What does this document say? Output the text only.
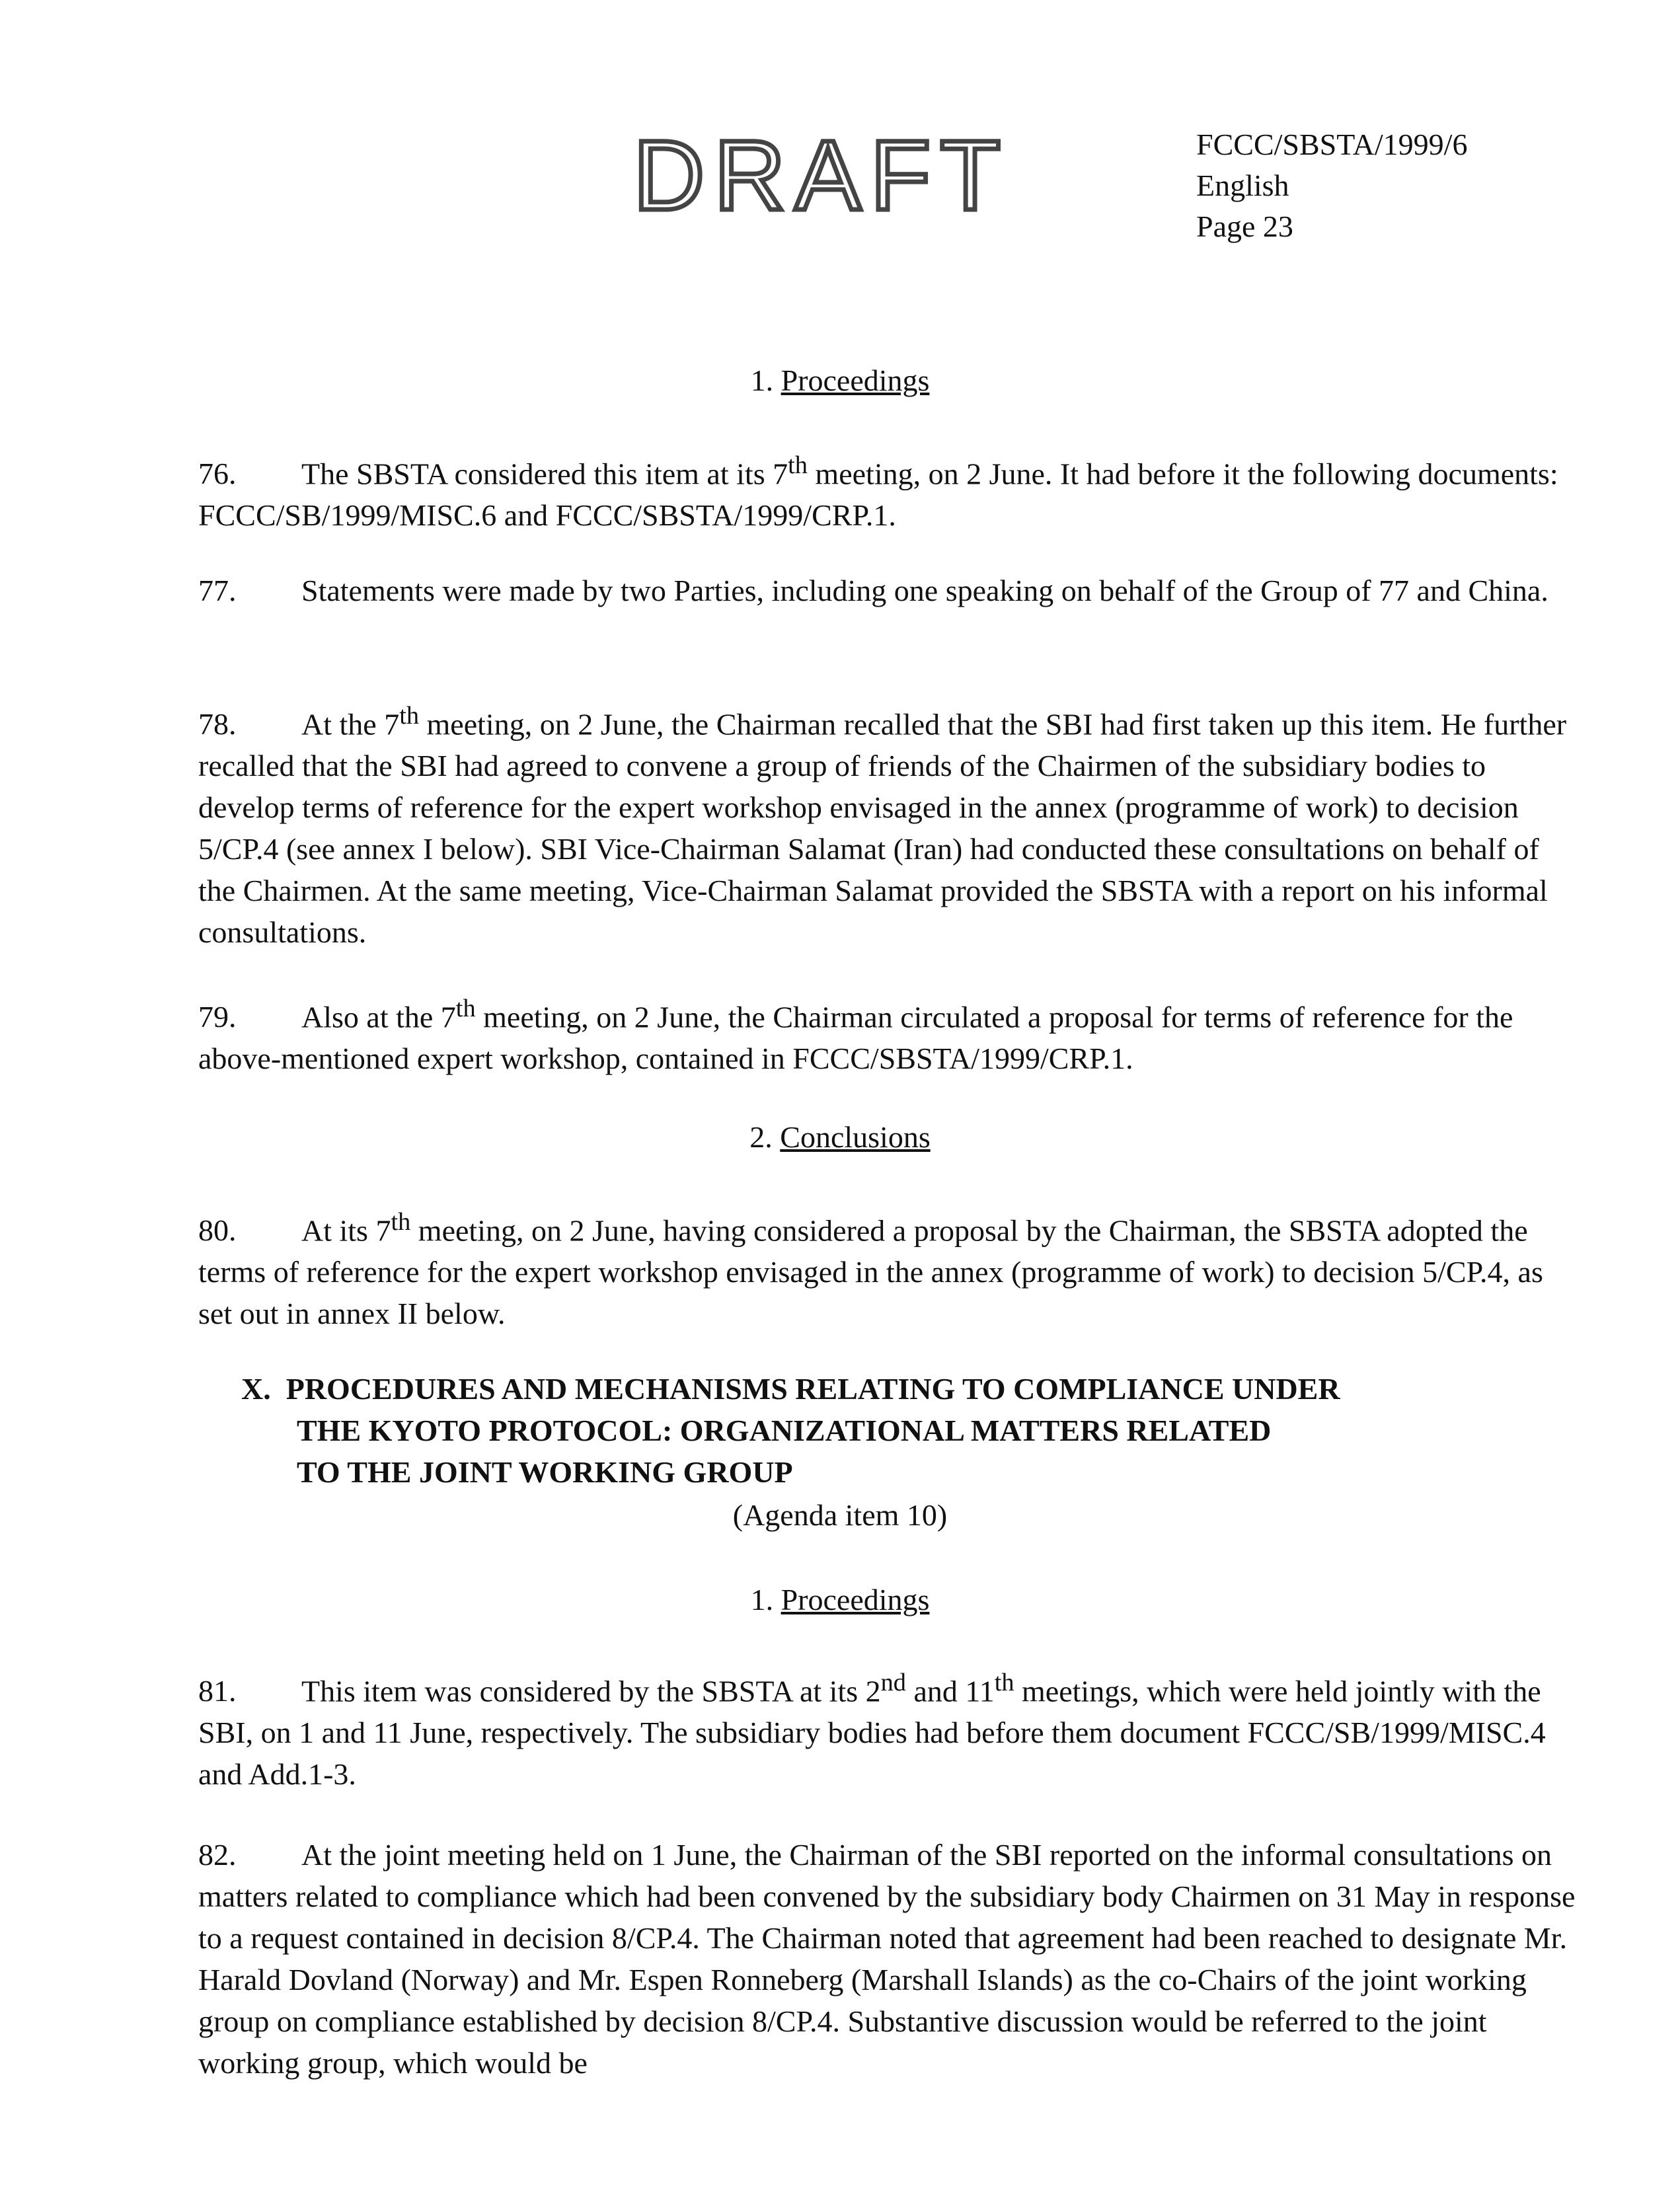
DRAFT	FCCC/SBSTA/1999/6
English
Page 23
1. Proceedings
76. The SBSTA considered this item at its 7th meeting, on 2 June. It had before it the following documents: FCCC/SB/1999/MISC.6 and FCCC/SBSTA/1999/CRP.1.
77. Statements were made by two Parties, including one speaking on behalf of the Group of 77 and China.
78. At the 7th meeting, on 2 June, the Chairman recalled that the SBI had first taken up this item. He further recalled that the SBI had agreed to convene a group of friends of the Chairmen of the subsidiary bodies to develop terms of reference for the expert workshop envisaged in the annex (programme of work) to decision 5/CP.4 (see annex I below). SBI Vice-Chairman Salamat (Iran) had conducted these consultations on behalf of the Chairmen. At the same meeting, Vice-Chairman Salamat provided the SBSTA with a report on his informal consultations.
79. Also at the 7th meeting, on 2 June, the Chairman circulated a proposal for terms of reference for the above-mentioned expert workshop, contained in FCCC/SBSTA/1999/CRP.1.
2. Conclusions
80. At its 7th meeting, on 2 June, having considered a proposal by the Chairman, the SBSTA adopted the terms of reference for the expert workshop envisaged in the annex (programme of work) to decision 5/CP.4, as set out in annex II below.
X. PROCEDURES AND MECHANISMS RELATING TO COMPLIANCE UNDER
THE KYOTO PROTOCOL: ORGANIZATIONAL MATTERS RELATED
TO THE JOINT WORKING GROUP
(Agenda item 10)
1. Proceedings
81. This item was considered by the SBSTA at its 2nd and 11th meetings, which were held jointly with the SBI, on 1 and 11 June, respectively. The subsidiary bodies had before them document FCCC/SB/1999/MISC.4 and Add.1-3.
82. At the joint meeting held on 1 June, the Chairman of the SBI reported on the informal consultations on matters related to compliance which had been convened by the subsidiary body Chairmen on 31 May in response to a request contained in decision 8/CP.4. The Chairman noted that agreement had been reached to designate Mr. Harald Dovland (Norway) and Mr. Espen Ronneberg (Marshall Islands) as the co-Chairs of the joint working group on compliance established by decision 8/CP.4. Substantive discussion would be referred to the joint working group, which would be
